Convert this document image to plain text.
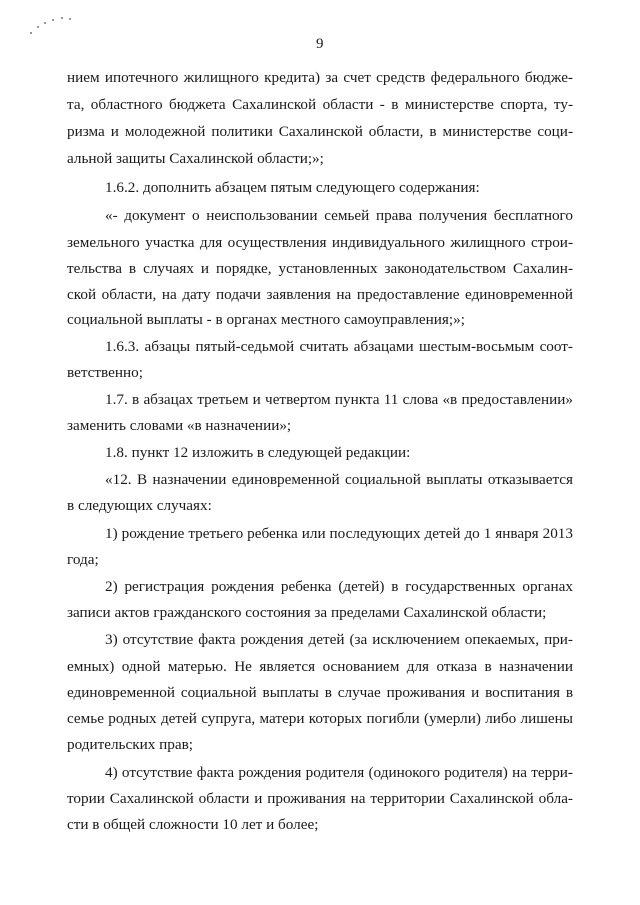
9
нием ипотечного жилищного кредита) за счет средств федерального бюдже-
та, областного бюджета Сахалинской области - в министерстве спорта, ту-
ризма и молодежной политики Сахалинской области, в министерстве соци-
альной защиты Сахалинской области;»;
1.6.2. дополнить абзацем пятым следующего содержания:
«- документ о неиспользовании семьей права получения бесплатного
земельного участка для осуществления индивидуального жилищного строи-
тельства в случаях и порядке, установленных законодательством Сахалин-
ской области, на дату подачи заявления на предоставление единовременной
социальной выплаты - в органах местного самоуправления;»;
1.6.3. абзацы пятый-седьмой считать абзацами шестым-восьмым соот-
ветственно;
1.7. в абзацах третьем и четвертом пункта 11 слова «в предоставлении»
заменить словами «в назначении»;
1.8. пункт 12 изложить в следующей редакции:
«12. В назначении единовременной социальной выплаты отказывается
в следующих случаях:
1) рождение третьего ребенка или последующих детей до 1 января 2013
года;
2) регистрация рождения ребенка (детей) в государственных органах
записи актов гражданского состояния за пределами Сахалинской области;
3) отсутствие факта рождения детей (за исключением опекаемых, при-
емных) одной матерью. Не является основанием для отказа в назначении
единовременной социальной выплаты в случае проживания и воспитания в
семье родных детей супруга, матери которых погибли (умерли) либо лишены
родительских прав;
4) отсутствие факта рождения родителя (одинокого родителя) на терри-
тории Сахалинской области и проживания на территории Сахалинской обла-
сти в общей сложности 10 лет и более;
